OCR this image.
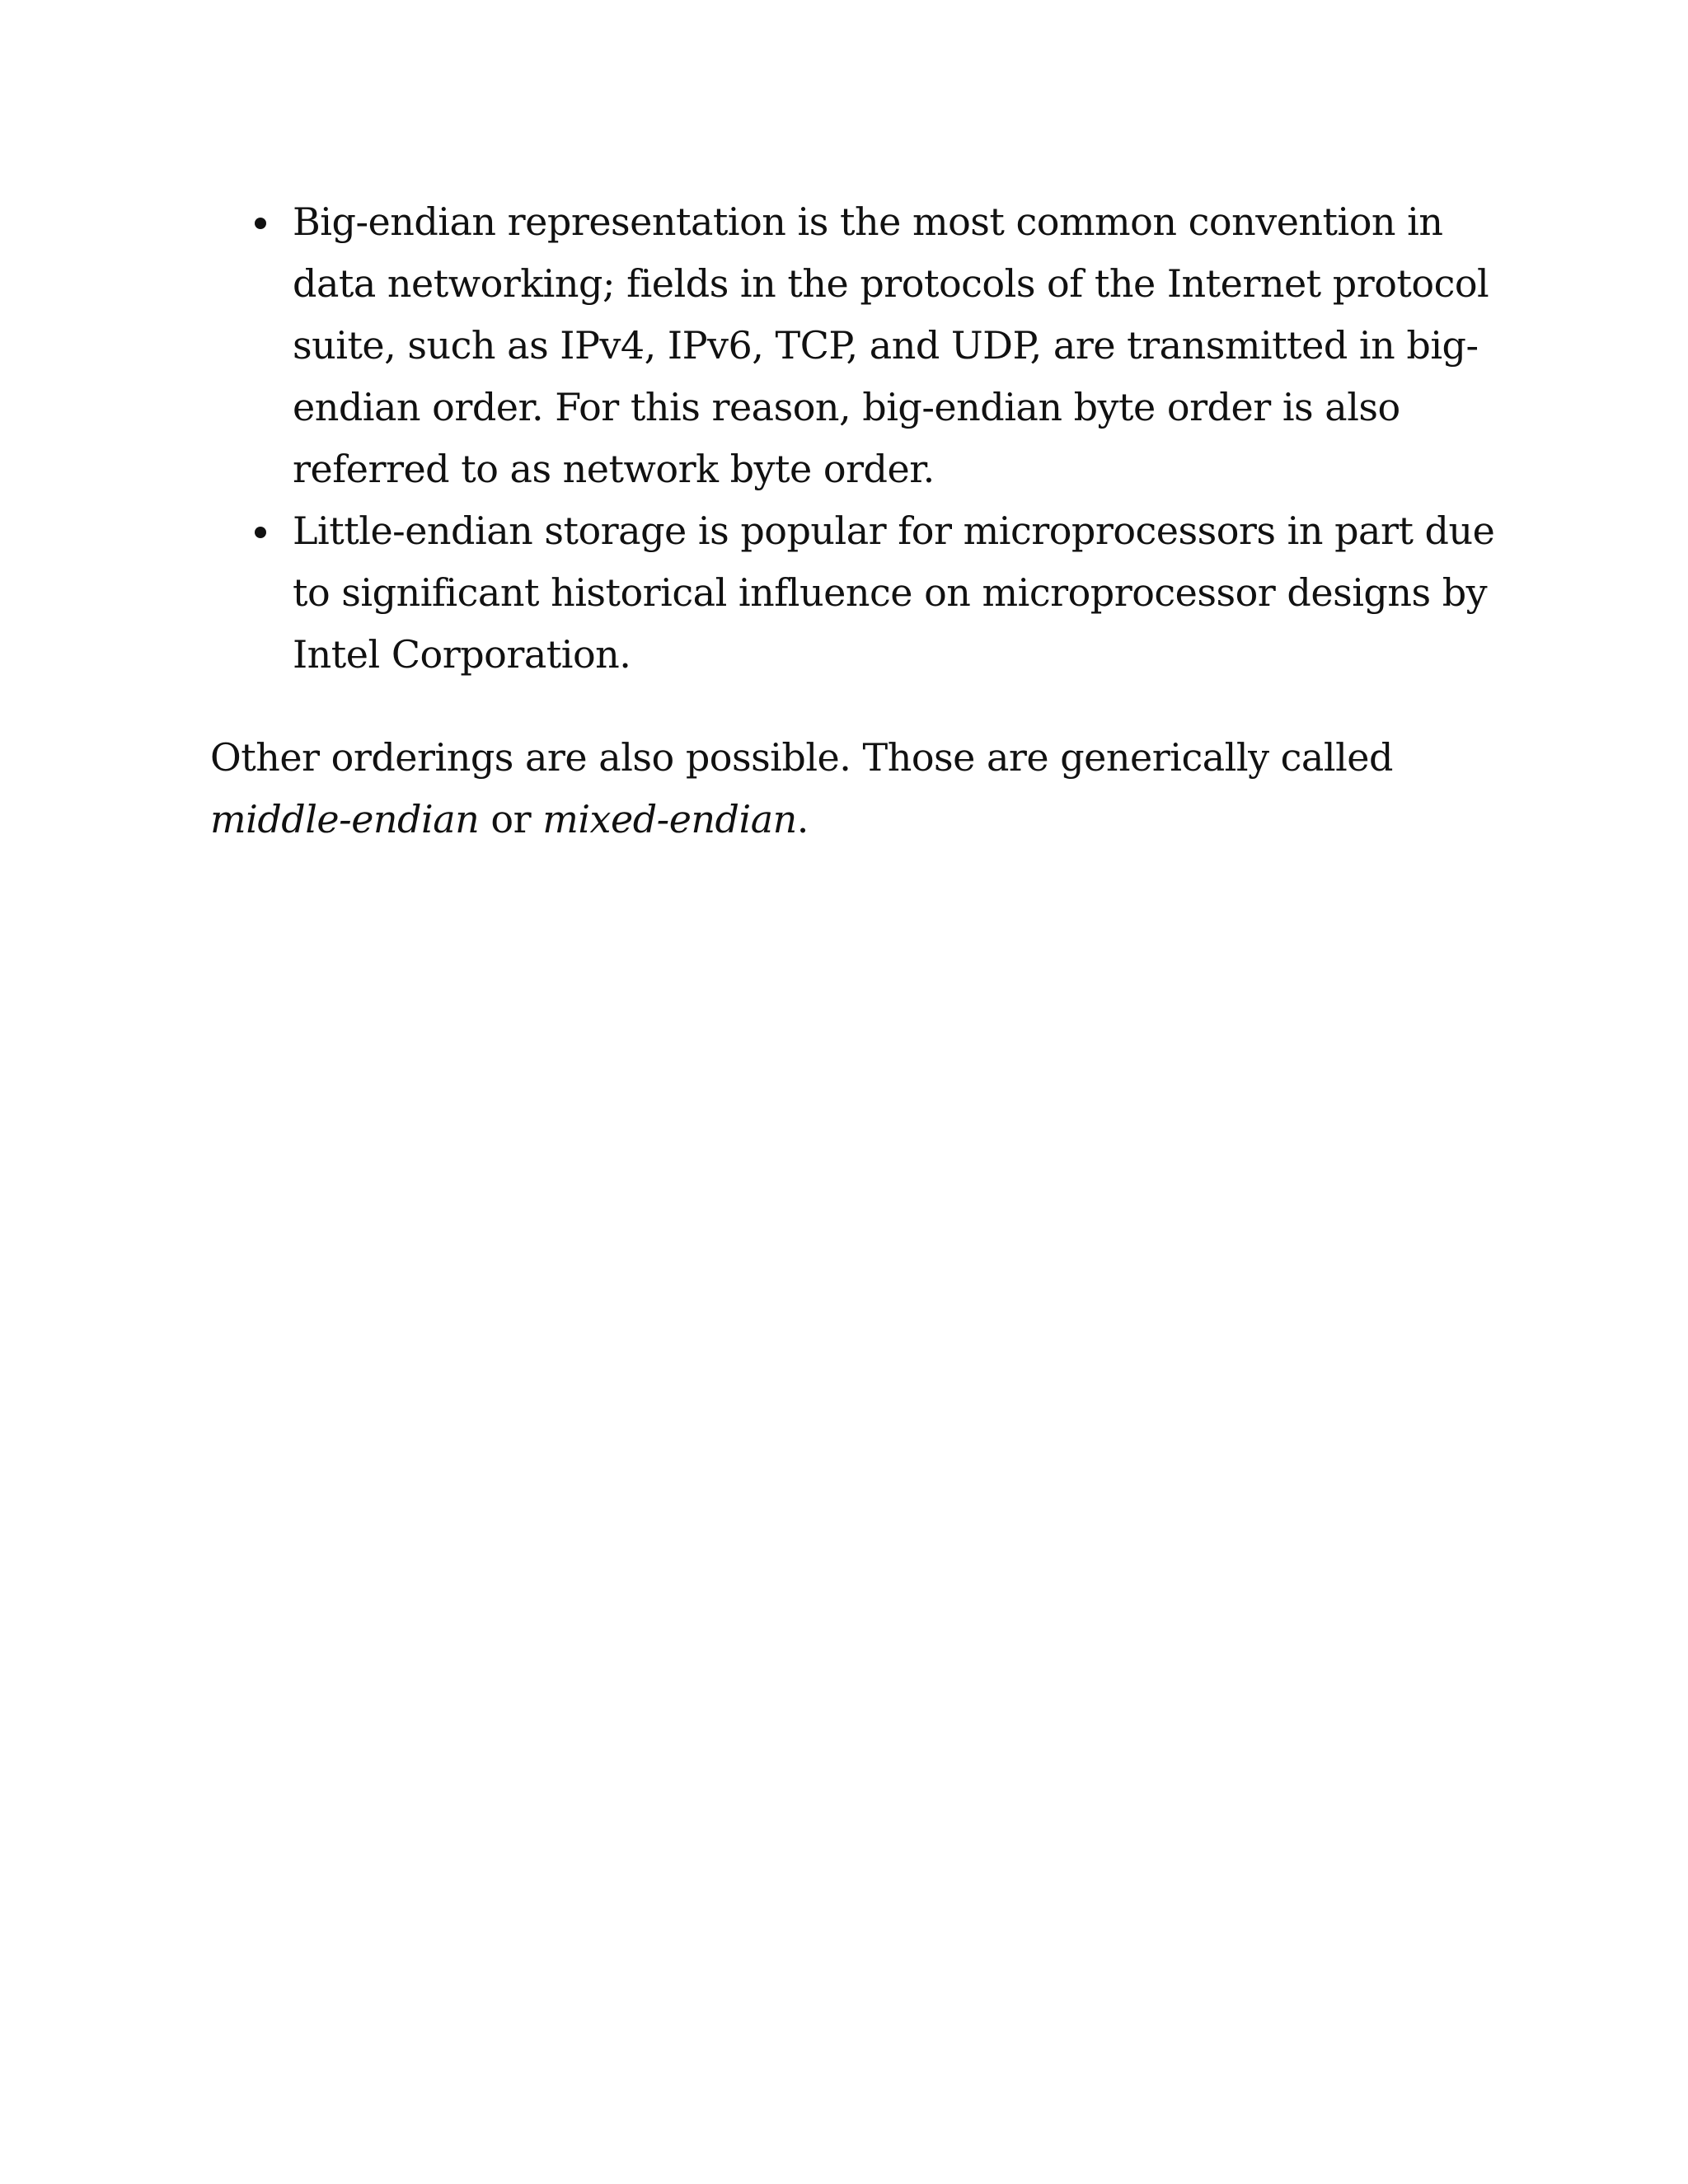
Big-endian representation is the most common convention in data networking; fields in the protocols of the Internet protocol suite, such as IPv4, IPv6, TCP, and UDP, are transmitted in big-endian order. For this reason, big-endian byte order is also referred to as network byte order.
Little-endian storage is popular for microprocessors in part due to significant historical influence on microprocessor designs by Intel Corporation.

Other orderings are also possible. Those are generically called middle-endian or mixed-endian.
